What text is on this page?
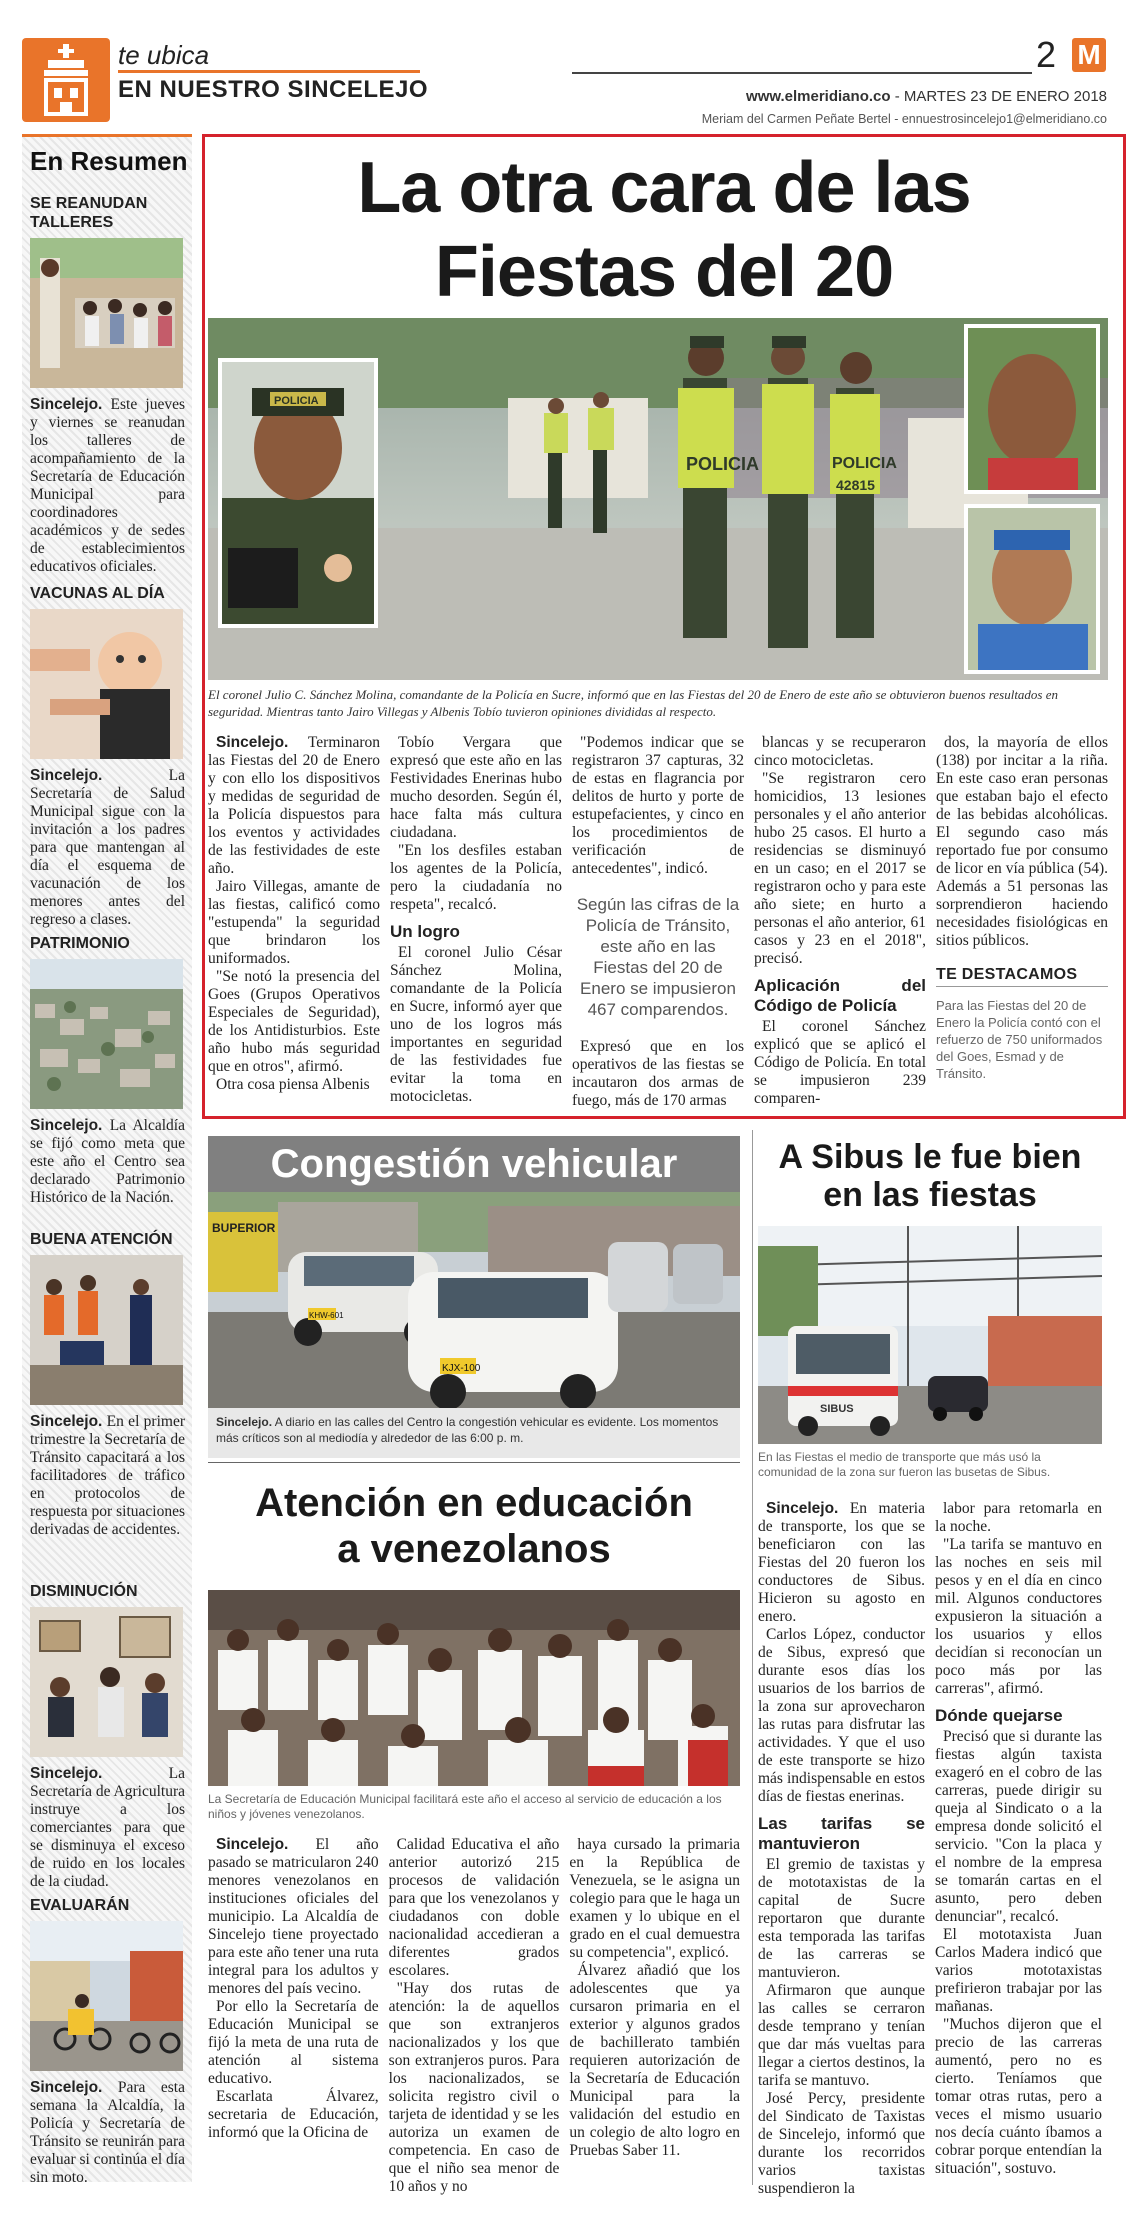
te ubica
EN NUESTRO SINCELEJO
2 M
www.elmeridiano.co - MARTES 23 DE ENERO 2018
Meriam del Carmen Peñate Bertel - ennuestrosincelejo1@elmeridiano.co
En Resumen
SE REANUDAN TALLERES
Sincelejo. Este jueves y viernes se reanudan los talleres de acompañamiento de la Secretaría de Educación Municipal para coordinadores académicos y de sedes de establecimientos educativos oficiales.
VACUNAS AL DÍA
Sincelejo. La Secretaría de Salud Municipal sigue con la invitación a los padres para que mantengan al día el esquema de vacunación de los menores antes del regreso a clases.
PATRIMONIO
Sincelejo. La Alcaldía se fijó como meta que este año el Centro sea declarado Patrimonio Histórico de la Nación.
BUENA ATENCIÓN
Sincelejo. En el primer trimestre la Secretaría de Tránsito capacitará a los facilitadores de tráfico en protocolos de respuesta por situaciones derivadas de accidentes.
DISMINUCIÓN
Sincelejo. La Secretaría de Agricultura instruye a los comerciantes para que se disminuya el exceso de ruido en los locales de la ciudad.
EVALUARÁN
Sincelejo. Para esta semana la Alcaldía, la Policía y Secretaría de Tránsito se reunirán para evaluar si continúa el día sin moto.
La otra cara de las
Fiestas del 20
POLICIA	POLICIA
42815
POLICIA
El coronel Julio C. Sánchez Molina, comandante de la Policía en Sucre, informó que en las Fiestas del 20 de Enero de este año se obtuvieron buenos resultados en seguridad. Mientras tanto Jairo Villegas y Albenis Tobío tuvieron opiniones divididas al respecto.

Sincelejo. Terminaron las Fiestas del 20 de Enero y con ello los dispositivos y medidas de seguridad de la Policía dispuestos para los eventos y actividades de las festividades de este año.

Jairo Villegas, amante de las fiestas, calificó como "estupenda" la seguridad que brindaron los uniformados.

"Se notó la presencia del Goes (Grupos Operativos Especiales de Seguridad), de los Antidisturbios. Este año hubo más seguridad que en otros", afirmó.

Otra cosa piensa Albenis

Tobío Vergara que expresó que este año en las Festividades Enerinas hubo mucho desorden. Según él, hace falta más cultura ciudadana.

"En los desfiles estaban los agentes de la Policía, pero la ciudadanía no respeta", recalcó.

Un logro

El coronel Julio César Sánchez Molina, comandante de la Policía en Sucre, informó ayer que uno de los logros más importantes en seguridad de las festividades fue evitar la toma en motocicletas.

"Podemos indicar que se registraron 37 capturas, 32 de estas en flagrancia por delitos de hurto y porte de estupefacientes, y cinco en los procedimientos de verificación de antecedentes", indicó.

Según las cifras de la Policía de Tránsito, este año en las Fiestas del 20 de Enero se impusieron 467 comparendos.

Expresó que en los operativos de las fiestas se incautaron dos armas de fuego, más de 170 armas

blancas y se recuperaron cinco motocicletas.

"Se registraron cero homicidios, 13 lesiones personales y el año anterior hubo 25 casos. El hurto a residencias se disminuyó en un caso; en el 2017 se registraron ocho y para este año siete; en hurto a personas el año anterior, 61 casos y 23 en el 2018", precisó.

Aplicación del Código de Policía

El coronel Sánchez explicó que se aplicó el Código de Policía. En total se impusieron 239 comparen-

dos, la mayoría de ellos (138) por incitar a la riña. En este caso eran personas que estaban bajo el efecto de las bebidas alcohólicas. El segundo caso más reportado fue por consumo de licor en vía pública (54). Además a 51 personas las sorprendieron haciendo necesidades fisiológicas en sitios públicos.

TE DESTACAMOS
Para las Fiestas del 20 de Enero la Policía contó con el refuerzo de 750 uniformados del Goes, Esmad y de Tránsito.
Congestión vehicular
BUPERIOR
KHW-601
KJX-100
Sincelejo. A diario en las calles del Centro la congestión vehicular es evidente. Los momentos más críticos son al mediodía y alrededor de las 6:00 p. m.
Atención en educación
a venezolanos
La Secretaría de Educación Municipal facilitará este año el acceso al servicio de educación a los niños y jóvenes venezolanos.

Sincelejo. El año pasado se matricularon 240 menores venezolanos en instituciones oficiales del municipio. La Alcaldía de Sincelejo tiene proyectado para este año tener una ruta integral para los adultos y menores del país vecino.

Por ello la Secretaría de Educación Municipal se fijó la meta de una ruta de atención al sistema educativo.

Escarlata Álvarez, secretaria de Educación, informó que la Oficina de

Calidad Educativa el año anterior autorizó 215 procesos de validación para que los venezolanos y ciudadanos con doble nacionalidad accedieran a diferentes grados escolares.

"Hay dos rutas de atención: la de aquellos que son extranjeros nacionalizados y los que son extranjeros puros. Para los nacionalizados, se solicita registro civil o tarjeta de identidad y se les autoriza un examen de competencia. En caso de que el niño sea menor de 10 años y no

haya cursado la primaria en la República de Venezuela, se le asigna un colegio para que le haga un examen y lo ubique en el grado en el cual demuestra su competencia", explicó.

Álvarez añadió que los adolescentes que ya cursaron primaria en el exterior y algunos grados de bachillerato también requieren autorización de la Secretaría de Educación Municipal para la validación del estudio en un colegio de alto logro en Pruebas Saber 11.

A Sibus le fue bien
en las fiestas
SIBUS
En las Fiestas el medio de transporte que más usó la comunidad de la zona sur fueron las busetas de Sibus.

Sincelejo. En materia de transporte, los que se beneficiaron con las Fiestas del 20 fueron los conductores de Sibus. Hicieron su agosto en enero.

Carlos López, conductor de Sibus, expresó que durante esos días los usuarios de los barrios de la zona sur aprovecharon las rutas para disfrutar las actividades. Y que el uso de este transporte se hizo más indispensable en estos días de fiestas enerinas.

Las tarifas se mantuvieron

El gremio de taxistas y de mototaxistas de la capital de Sucre reportaron que durante esta temporada las tarifas de las carreras se mantuvieron.

Afirmaron que aunque las calles se cerraron desde temprano y tenían que dar más vueltas para llegar a ciertos destinos, la tarifa se mantuvo.

José Percy, presidente del Sindicato de Taxistas de Sincelejo, informó que durante los recorridos varios taxistas suspendieron la

labor para retomarla en la noche.

"La tarifa se mantuvo en las noches en seis mil pesos y en el día en cinco mil. Algunos conductores expusieron la situación a los usuarios y ellos decidían si reconocían un poco más por las carreras", afirmó.

Dónde quejarse

Precisó que si durante las fiestas algún taxista exageró en el cobro de las carreras, puede dirigir su queja al Sindicato o a la empresa donde solicitó el servicio. "Con la placa y el nombre de la empresa se tomarán cartas en el asunto, pero deben denunciar", recalcó.

El mototaxista Juan Carlos Madera indicó que varios mototaxistas prefirieron trabajar por las mañanas.

"Muchos dijeron que el precio de las carreras aumentó, pero no es cierto. Teníamos que tomar otras rutas, pero a veces el mismo usuario nos decía cuánto íbamos a cobrar porque entendían la situación", sostuvo.
